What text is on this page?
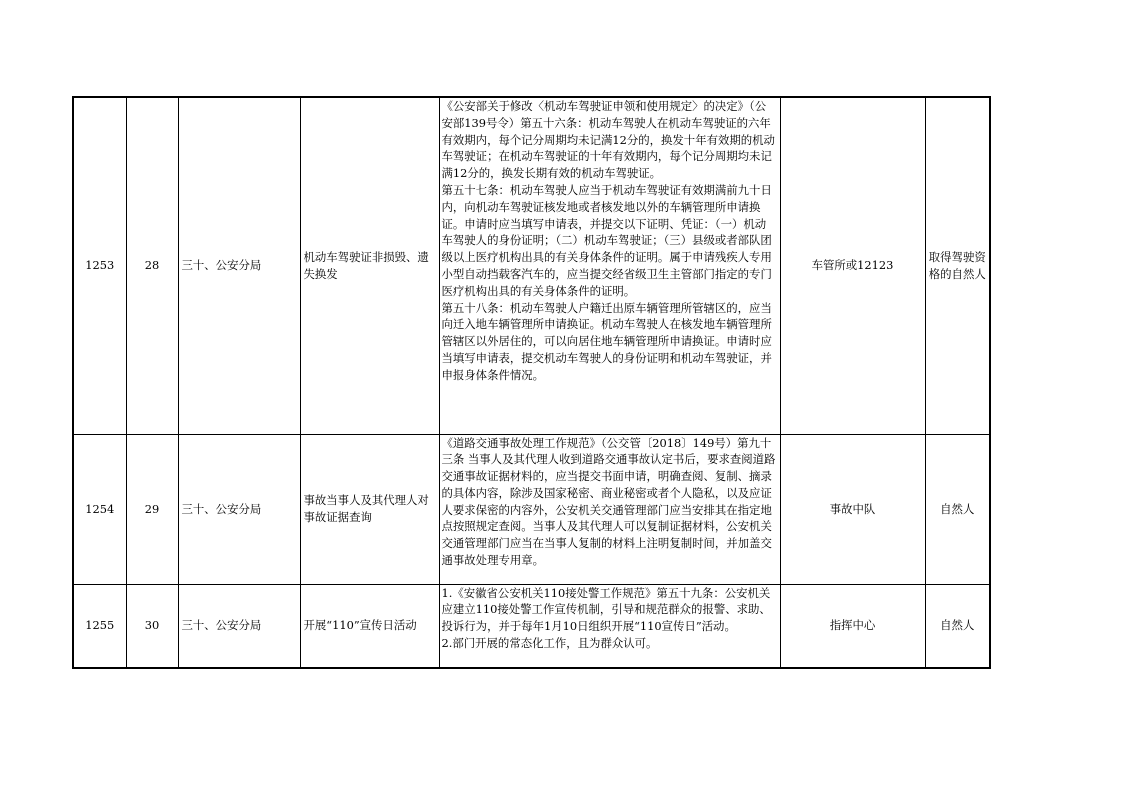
1253	28	三十、公安分局	机动车驾驶证非损毁、遗失换发	《公安部关于修改〈机动车驾驶证申领和使用规定〉的决定》（公安部139号令）第五十六条：机动车驾驶人在机动车驾驶证的六年有效期内，每个记分周期均未记满12分的，换发十年有效期的机动车驾驶证；在机动车驾驶证的十年有效期内，每个记分周期均未记满12分的，换发长期有效的机动车驾驶证。

第五十七条：机动车驾驶人应当于机动车驾驶证有效期满前九十日内，向机动车驾驶证核发地或者核发地以外的车辆管理所申请换证。申请时应当填写申请表，并提交以下证明、凭证：（一）机动车驾驶人的身份证明；（二）机动车驾驶证；（三）县级或者部队团级以上医疗机构出具的有关身体条件的证明。属于申请残疾人专用小型自动挡载客汽车的，应当提交经省级卫生主管部门指定的专门医疗机构出具的有关身体条件的证明。

第五十八条：机动车驾驶人户籍迁出原车辆管理所管辖区的，应当向迁入地车辆管理所申请换证。机动车驾驶人在核发地车辆管理所管辖区以外居住的，可以向居住地车辆管理所申请换证。申请时应当填写申请表，提交机动车驾驶人的身份证明和机动车驾驶证，并申报身体条件情况。	车管所或12123	取得驾驶资格的自然人
1254	29	三十、公安分局	事故当事人及其代理人对事故证据查询	《道路交通事故处理工作规范》（公交管〔2018〕149号）第九十三条 当事人及其代理人收到道路交通事故认定书后，要求查阅道路交通事故证据材料的，应当提交书面申请，明确查阅、复制、摘录的具体内容，除涉及国家秘密、商业秘密或者个人隐私，以及应证人要求保密的内容外，公安机关交通管理部门应当安排其在指定地点按照规定查阅。当事人及其代理人可以复制证据材料，公安机关交通管理部门应当在当事人复制的材料上注明复制时间，并加盖交通事故处理专用章。	事故中队	自然人
1255	30	三十、公安分局	开展“110”宣传日活动	1.《安徽省公安机关110接处警工作规范》第五十九条：公安机关应建立110接处警工作宣传机制，引导和规范群众的报警、求助、投诉行为，并于每年1月10日组织开展“110宣传日”活动。

2.部门开展的常态化工作，且为群众认可。	指挥中心	自然人
